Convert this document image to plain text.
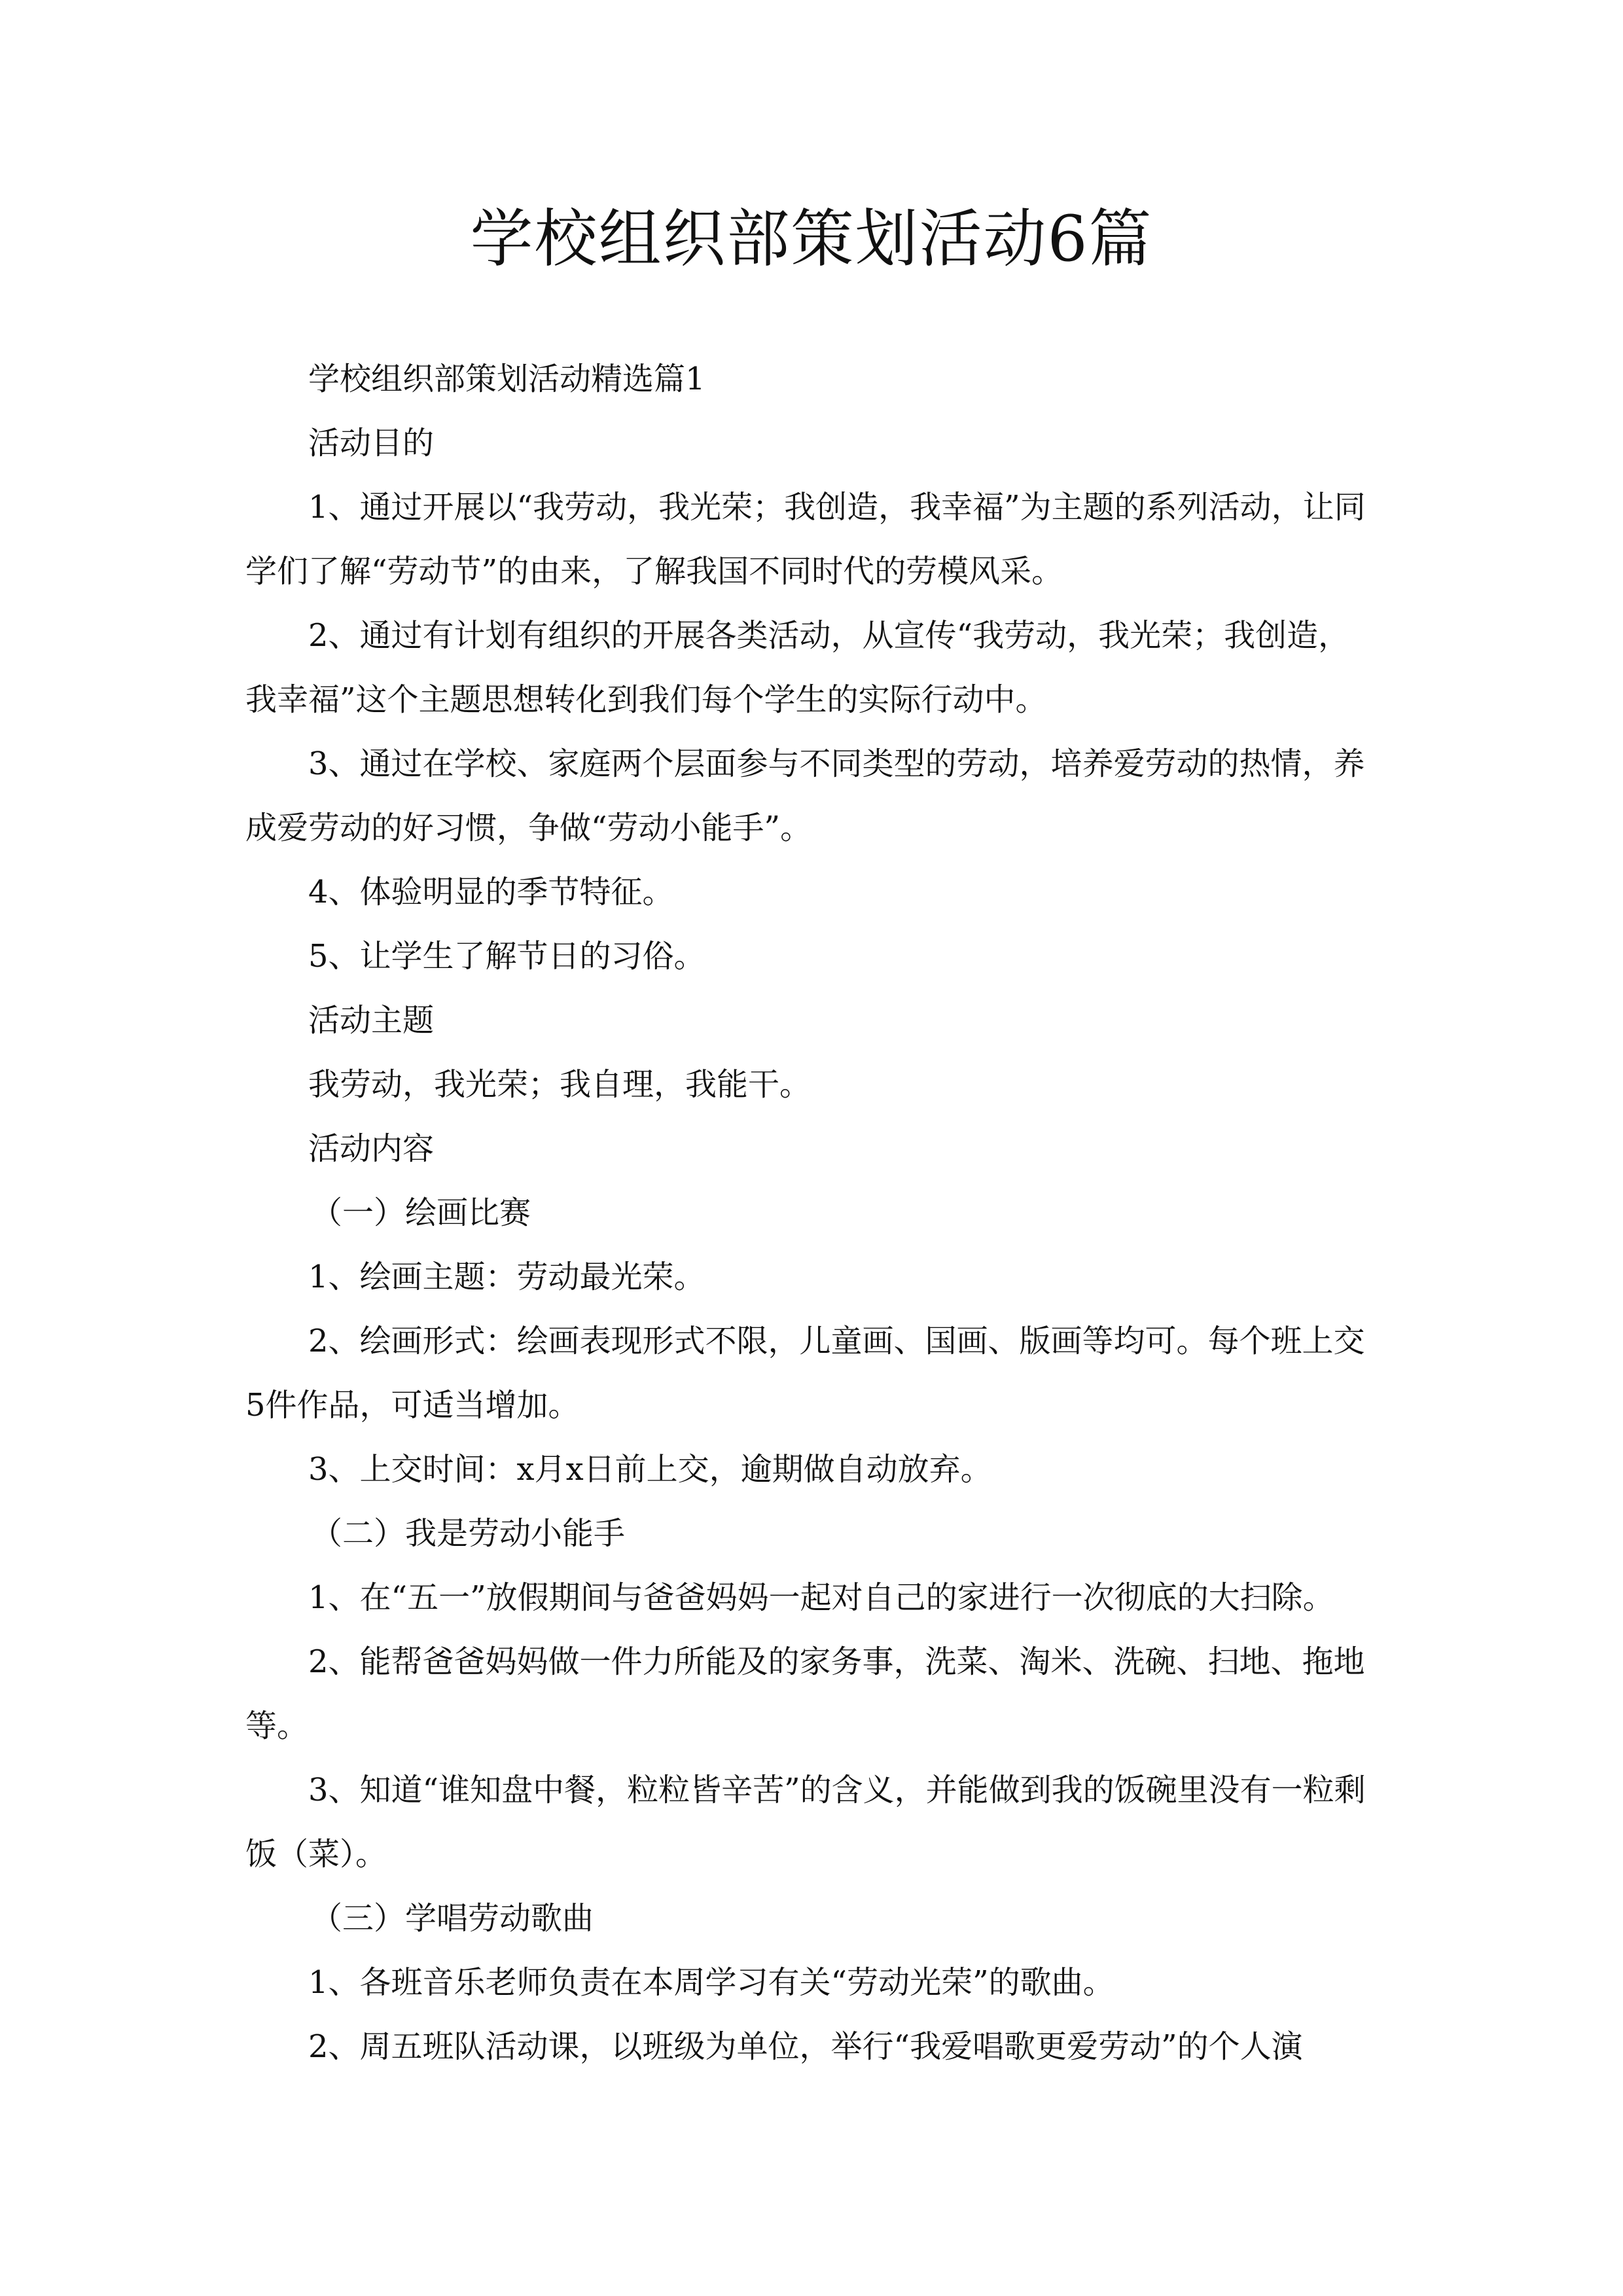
学校组织部策划活动6篇

学校组织部策划活动精选篇1

活动目的

1、通过开展以“我劳动，我光荣；我创造，我幸福”为主题的系列活动，让同学们了解“劳动节”的由来，了解我国不同时代的劳模风采。

2、通过有计划有组织的开展各类活动，从宣传“我劳动，我光荣；我创造，我幸福”这个主题思想转化到我们每个学生的实际行动中。

3、通过在学校、家庭两个层面参与不同类型的劳动，培养爱劳动的热情，养成爱劳动的好习惯，争做“劳动小能手”。

4、体验明显的季节特征。

5、让学生了解节日的习俗。

活动主题

我劳动，我光荣；我自理，我能干。

活动内容

（一）绘画比赛

1、绘画主题：劳动最光荣。

2、绘画形式：绘画表现形式不限，儿童画、国画、版画等均可。每个班上交5件作品，可适当增加。

3、上交时间：x月x日前上交，逾期做自动放弃。

（二）我是劳动小能手

1、在“五一”放假期间与爸爸妈妈一起对自己的家进行一次彻底的大扫除。

2、能帮爸爸妈妈做一件力所能及的家务事，洗菜、淘米、洗碗、扫地、拖地等。

3、知道“谁知盘中餐，粒粒皆辛苦”的含义，并能做到我的饭碗里没有一粒剩饭（菜）。

（三）学唱劳动歌曲

1、各班音乐老师负责在本周学习有关“劳动光荣”的歌曲。

2、周五班队活动课，以班级为单位，举行“我爱唱歌更爱劳动”的个人演
